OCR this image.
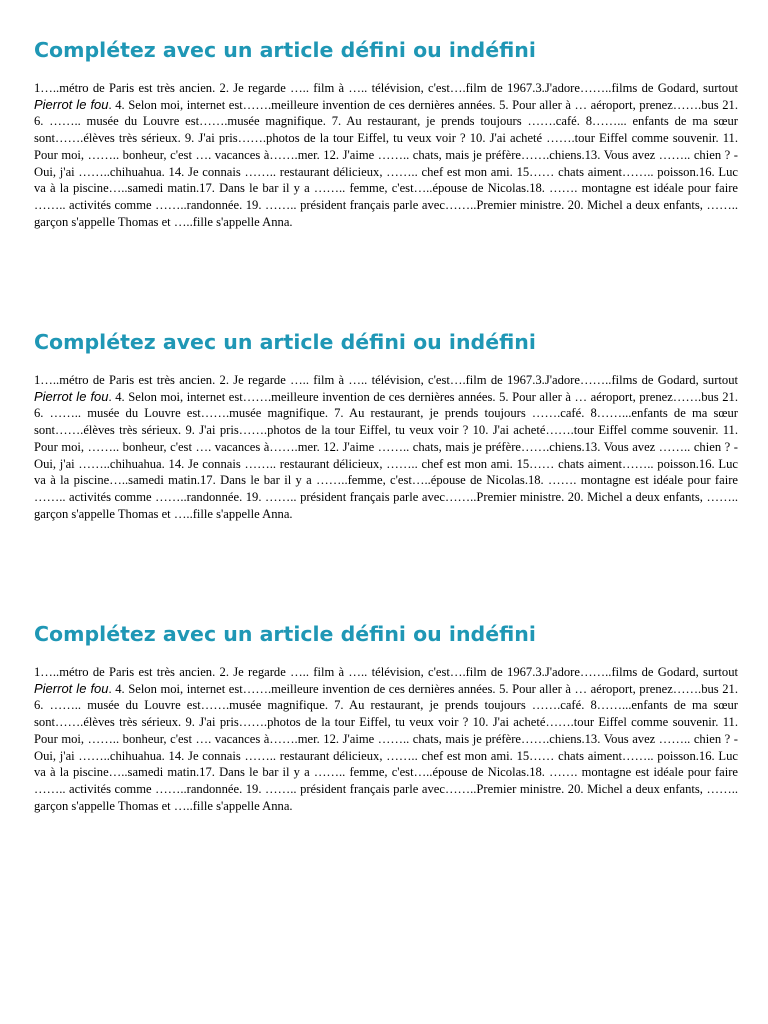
Complétez avec un article défini ou indéfini

1…..métro de Paris est très ancien. 2. Je regarde ….. film à ….. télévision, c'est….film de 1967.3.J'adore……..films de Godard, surtout Pierrot le fou. 4. Selon moi, internet est…….meilleure invention de ces dernières années. 5. Pour aller à … aéroport, prenez…….bus 21. 6. …….. musée du Louvre est…….musée magnifique. 7. Au restaurant, je prends toujours …….café. 8……... enfants de ma sœur sont…….élèves très sérieux. 9. J'ai pris…….photos de la tour Eiffel, tu veux voir ? 10. J'ai acheté …….tour Eiffel comme souvenir. 11. Pour moi, …….. bonheur, c'est …. vacances à…….mer. 12. J'aime …….. chats, mais je préfère…….chiens.13. Vous avez …….. chien ? -Oui, j'ai ……..chihuahua. 14. Je connais …….. restaurant délicieux, …….. chef est mon ami. 15…… chats aiment…….. poisson.16. Luc va à la piscine…..samedi matin.17. Dans le bar il y a …….. femme, c'est…..épouse de Nicolas.18. ……. montagne est idéale pour faire …….. activités comme ……..randonnée. 19. …….. président français parle avec……..Premier ministre. 20. Michel a deux enfants, …….. garçon s'appelle Thomas et …..fille s'appelle Anna.

Complétez avec un article défini ou indéfini

1…..métro de Paris est très ancien. 2. Je regarde ….. film à ….. télévision, c'est….film de 1967.3.J'adore……..films de Godard, surtout Pierrot le fou. 4. Selon moi, internet est…….meilleure invention de ces dernières années. 5. Pour aller à … aéroport, prenez…….bus 21. 6. …….. musée du Louvre est…….musée magnifique. 7. Au restaurant, je prends toujours …….café. 8……...enfants de ma sœur sont…….élèves très sérieux. 9. J'ai pris…….photos de la tour Eiffel, tu veux voir ? 10. J'ai acheté…….tour Eiffel comme souvenir. 11. Pour moi, …….. bonheur, c'est …. vacances à…….mer. 12. J'aime …….. chats, mais je préfère…….chiens.13. Vous avez …….. chien ? -Oui, j'ai ……..chihuahua. 14. Je connais …….. restaurant délicieux, …….. chef est mon ami. 15…… chats aiment…….. poisson.16. Luc va à la piscine…..samedi matin.17. Dans le bar il y a ……..femme, c'est…..épouse de Nicolas.18. ……. montagne est idéale pour faire …….. activités comme ……..randonnée. 19. …….. président français parle avec……..Premier ministre. 20. Michel a deux enfants, …….. garçon s'appelle Thomas et …..fille s'appelle Anna.

Complétez avec un article défini ou indéfini

1…..métro de Paris est très ancien. 2. Je regarde ….. film à ….. télévision, c'est….film de 1967.3.J'adore……..films de Godard, surtout Pierrot le fou. 4. Selon moi, internet est…….meilleure invention de ces dernières années. 5. Pour aller à … aéroport, prenez…….bus 21. 6. …….. musée du Louvre est…….musée magnifique. 7. Au restaurant, je prends toujours …….café. 8……...enfants de ma sœur sont…….élèves très sérieux. 9. J'ai pris…….photos de la tour Eiffel, tu veux voir ? 10. J'ai acheté…….tour Eiffel comme souvenir. 11. Pour moi, …….. bonheur, c'est …. vacances à…….mer. 12. J'aime …….. chats, mais je préfère…….chiens.13. Vous avez …….. chien ? -Oui, j'ai ……..chihuahua. 14. Je connais …….. restaurant délicieux, …….. chef est mon ami. 15…… chats aiment…….. poisson.16. Luc va à la piscine…..samedi matin.17. Dans le bar il y a …….. femme, c'est…..épouse de Nicolas.18. ……. montagne est idéale pour faire …….. activités comme ……..randonnée. 19. …….. président français parle avec……..Premier ministre. 20. Michel a deux enfants, …….. garçon s'appelle Thomas et …..fille s'appelle Anna.
